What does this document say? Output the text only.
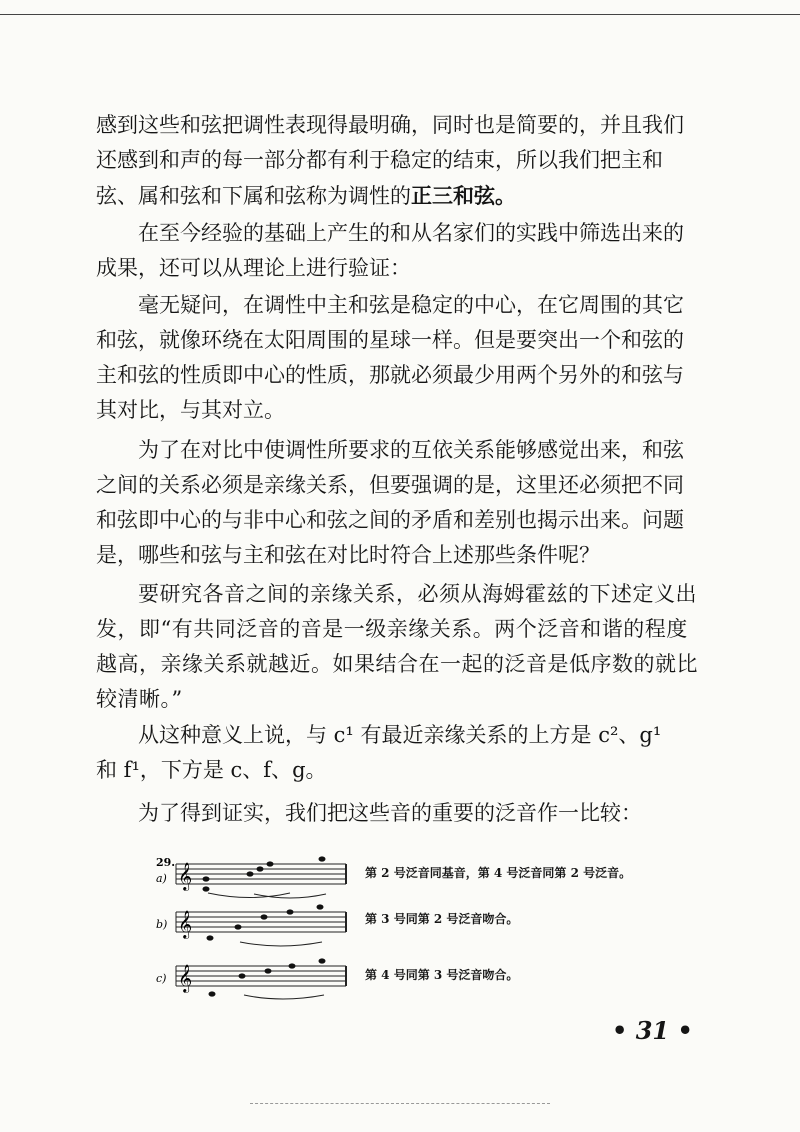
感到这些和弦把调性表现得最明确，同时也是简要的，并且我们
还感到和声的每一部分都有利于稳定的结束，所以我们把主和
弦、属和弦和下属和弦称为调性的正三和弦。
在至今经验的基础上产生的和从名家们的实践中筛选出来的
成果，还可以从理论上进行验证：
毫无疑问，在调性中主和弦是稳定的中心，在它周围的其它
和弦，就像环绕在太阳周围的星球一样。但是要突出一个和弦的
主和弦的性质即中心的性质，那就必须最少用两个另外的和弦与
其对比，与其对立。
为了在对比中使调性所要求的互依关系能够感觉出来，和弦
之间的关系必须是亲缘关系，但要强调的是，这里还必须把不同
和弦即中心的与非中心和弦之间的矛盾和差别也揭示出来。问题
是，哪些和弦与主和弦在对比时符合上述那些条件呢？
要研究各音之间的亲缘关系，必须从海姆霍兹的下述定义出
发，即“有共同泛音的音是一级亲缘关系。两个泛音和谐的程度
越高，亲缘关系就越近。如果结合在一起的泛音是低序数的就比
较清晰。”
从这种意义上说，与 c¹ 有最近亲缘关系的上方是 c²、g¹
和 f¹，下方是 c、f、g。
为了得到证实，我们把这些音的重要的泛音作一比较：
29.
a) 𝄞	第 2 号泛音同基音，第 4 号泛音同第 2 号泛音。
b) 𝄞	第 3 号同第 2 号泛音吻合。
c) 𝄞	第 4 号同第 3 号泛音吻合。
• 31 •
